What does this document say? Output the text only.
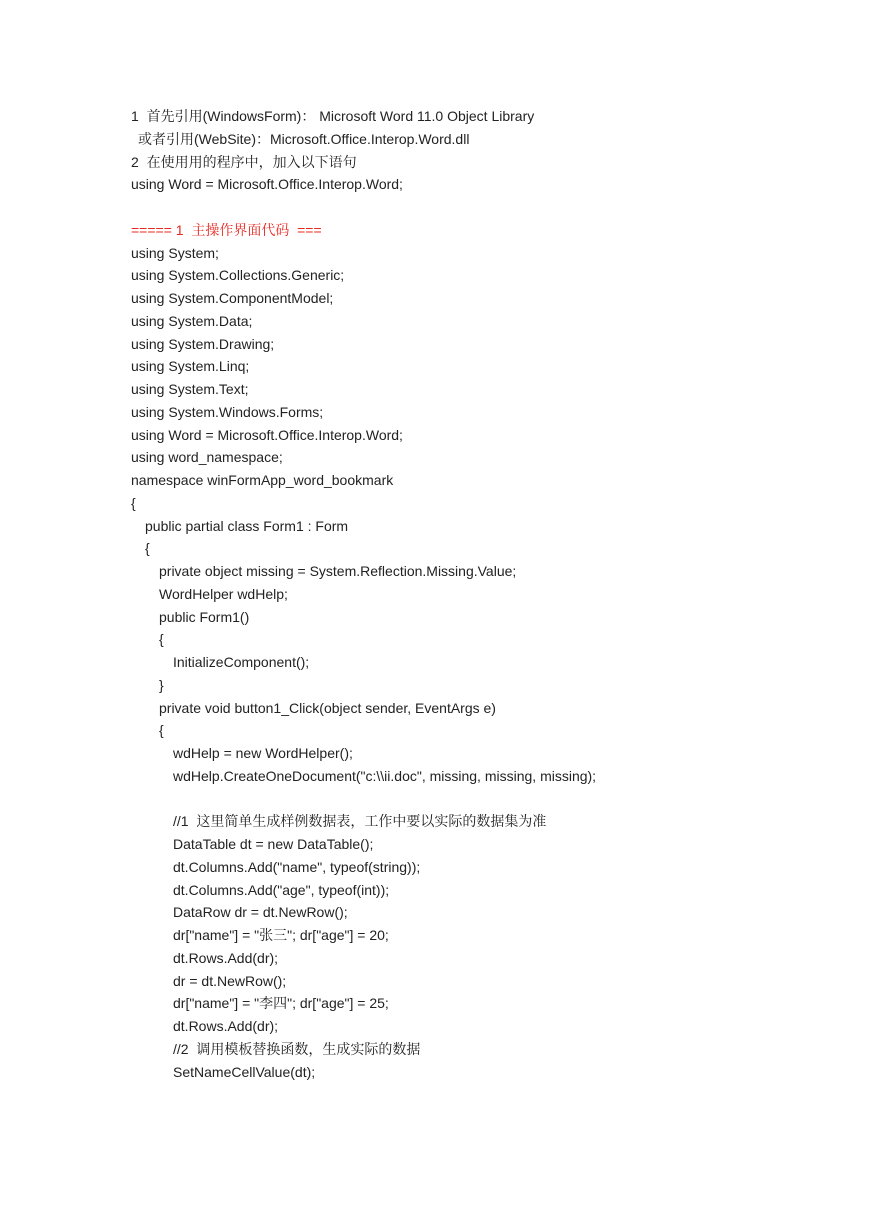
1  首先引用(WindowsForm)： Microsoft Word 11.0 Object Library
或者引用(WebSite)：Microsoft.Office.Interop.Word.dll
2  在使用用的程序中，加入以下语句
using Word = Microsoft.Office.Interop.Word;
===== 1  主操作界面代码  ===
using System;
using System.Collections.Generic;
using System.ComponentModel;
using System.Data;
using System.Drawing;
using System.Linq;
using System.Text;
using System.Windows.Forms;
using Word = Microsoft.Office.Interop.Word;
using word_namespace;
namespace winFormApp_word_bookmark
{
public partial class Form1 : Form
{
private object missing = System.Reflection.Missing.Value;
WordHelper wdHelp;
public Form1()
{
InitializeComponent();
}
private void button1_Click(object sender, EventArgs e)
{
wdHelp = new WordHelper();
wdHelp.CreateOneDocument("c:\\ii.doc", missing, missing, missing);
//1  这里简单生成样例数据表，工作中要以实际的数据集为准
DataTable dt = new DataTable();
dt.Columns.Add("name", typeof(string));
dt.Columns.Add("age", typeof(int));
DataRow dr = dt.NewRow();
dr["name"] = "张三"; dr["age"] = 20;
dt.Rows.Add(dr);
dr = dt.NewRow();
dr["name"] = "李四"; dr["age"] = 25;
dt.Rows.Add(dr);
//2  调用模板替换函数，生成实际的数据
SetNameCellValue(dt);
